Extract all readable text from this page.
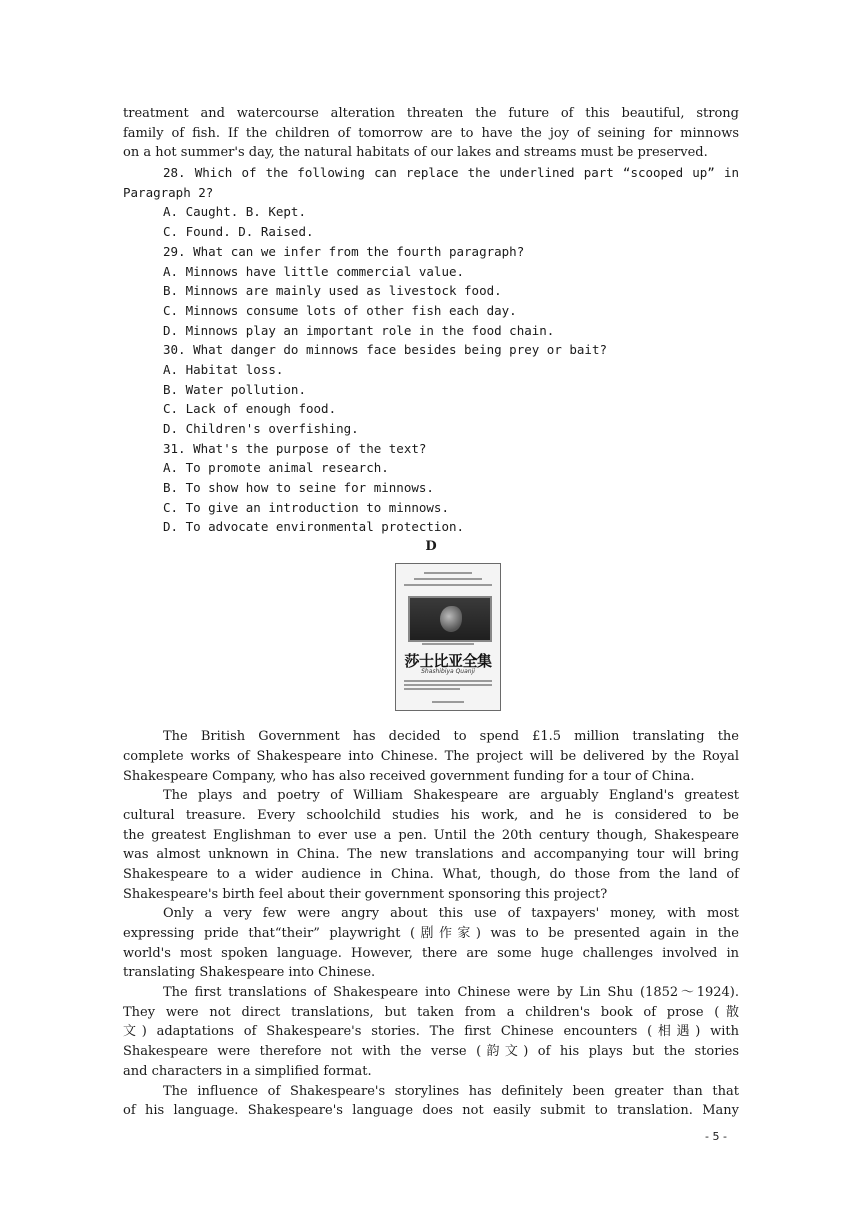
treatment and watercourse alteration threaten the future of this beautiful, strong
family of fish. If the children of tomorrow are to have the joy of seining for minnows
on a hot summer's day, the natural habitats of our lakes and streams must be preserved.
28. Which of the following can replace the underlined part “scooped up” in
Paragraph 2?
A. Caught. B. Kept.
C. Found. D. Raised.
29. What can we infer from the fourth paragraph?
A. Minnows have little commercial value.
B. Minnows are mainly used as livestock food.
C. Minnows consume lots of other fish each day.
D. Minnows play an important role in the food chain.
30. What danger do minnows face besides being prey or bait?
A. Habitat loss.
B. Water pollution.
C. Lack of enough food.
D. Children's overfishing.
31. What's the purpose of the text?
A. To promote animal research.
B. To show how to seine for minnows.
C. To give an introduction to minnows.
D. To advocate environmental protection.
D
莎士比亚全集
Shashibiya Quanji
The British Government has decided to spend £1.5 million translating the
complete works of Shakespeare into Chinese. The project will be delivered by the Royal
Shakespeare Company, who has also received government funding for a tour of China.
The plays and poetry of William Shakespeare are arguably England's greatest
cultural treasure. Every schoolchild studies his work, and he is considered to be
the greatest Englishman to ever use a pen. Until the 20th century though, Shakespeare
was almost unknown in China. The new translations and accompanying tour will bring
Shakespeare to a wider audience in China. What, though, do those from the land of
Shakespeare's birth feel about their government sponsoring this project?
Only a very few were angry about this use of taxpayers' money, with most
expressing pride that“their” playwright (剧作家) was to be presented again in the
world's most spoken language. However, there are some huge challenges involved in
translating Shakespeare into Chinese.
The first translations of Shakespeare into Chinese were by Lin Shu (1852～1924).
They were not direct translations, but taken from a children's book of prose (散
文) adaptations of Shakespeare's stories. The first Chinese encounters (相遇) with
Shakespeare were therefore not with the verse (韵文) of his plays but the stories
and characters in a simplified format.
The influence of Shakespeare's storylines has definitely been greater than that
of his language. Shakespeare's language does not easily submit to translation. Many
- 5 -
